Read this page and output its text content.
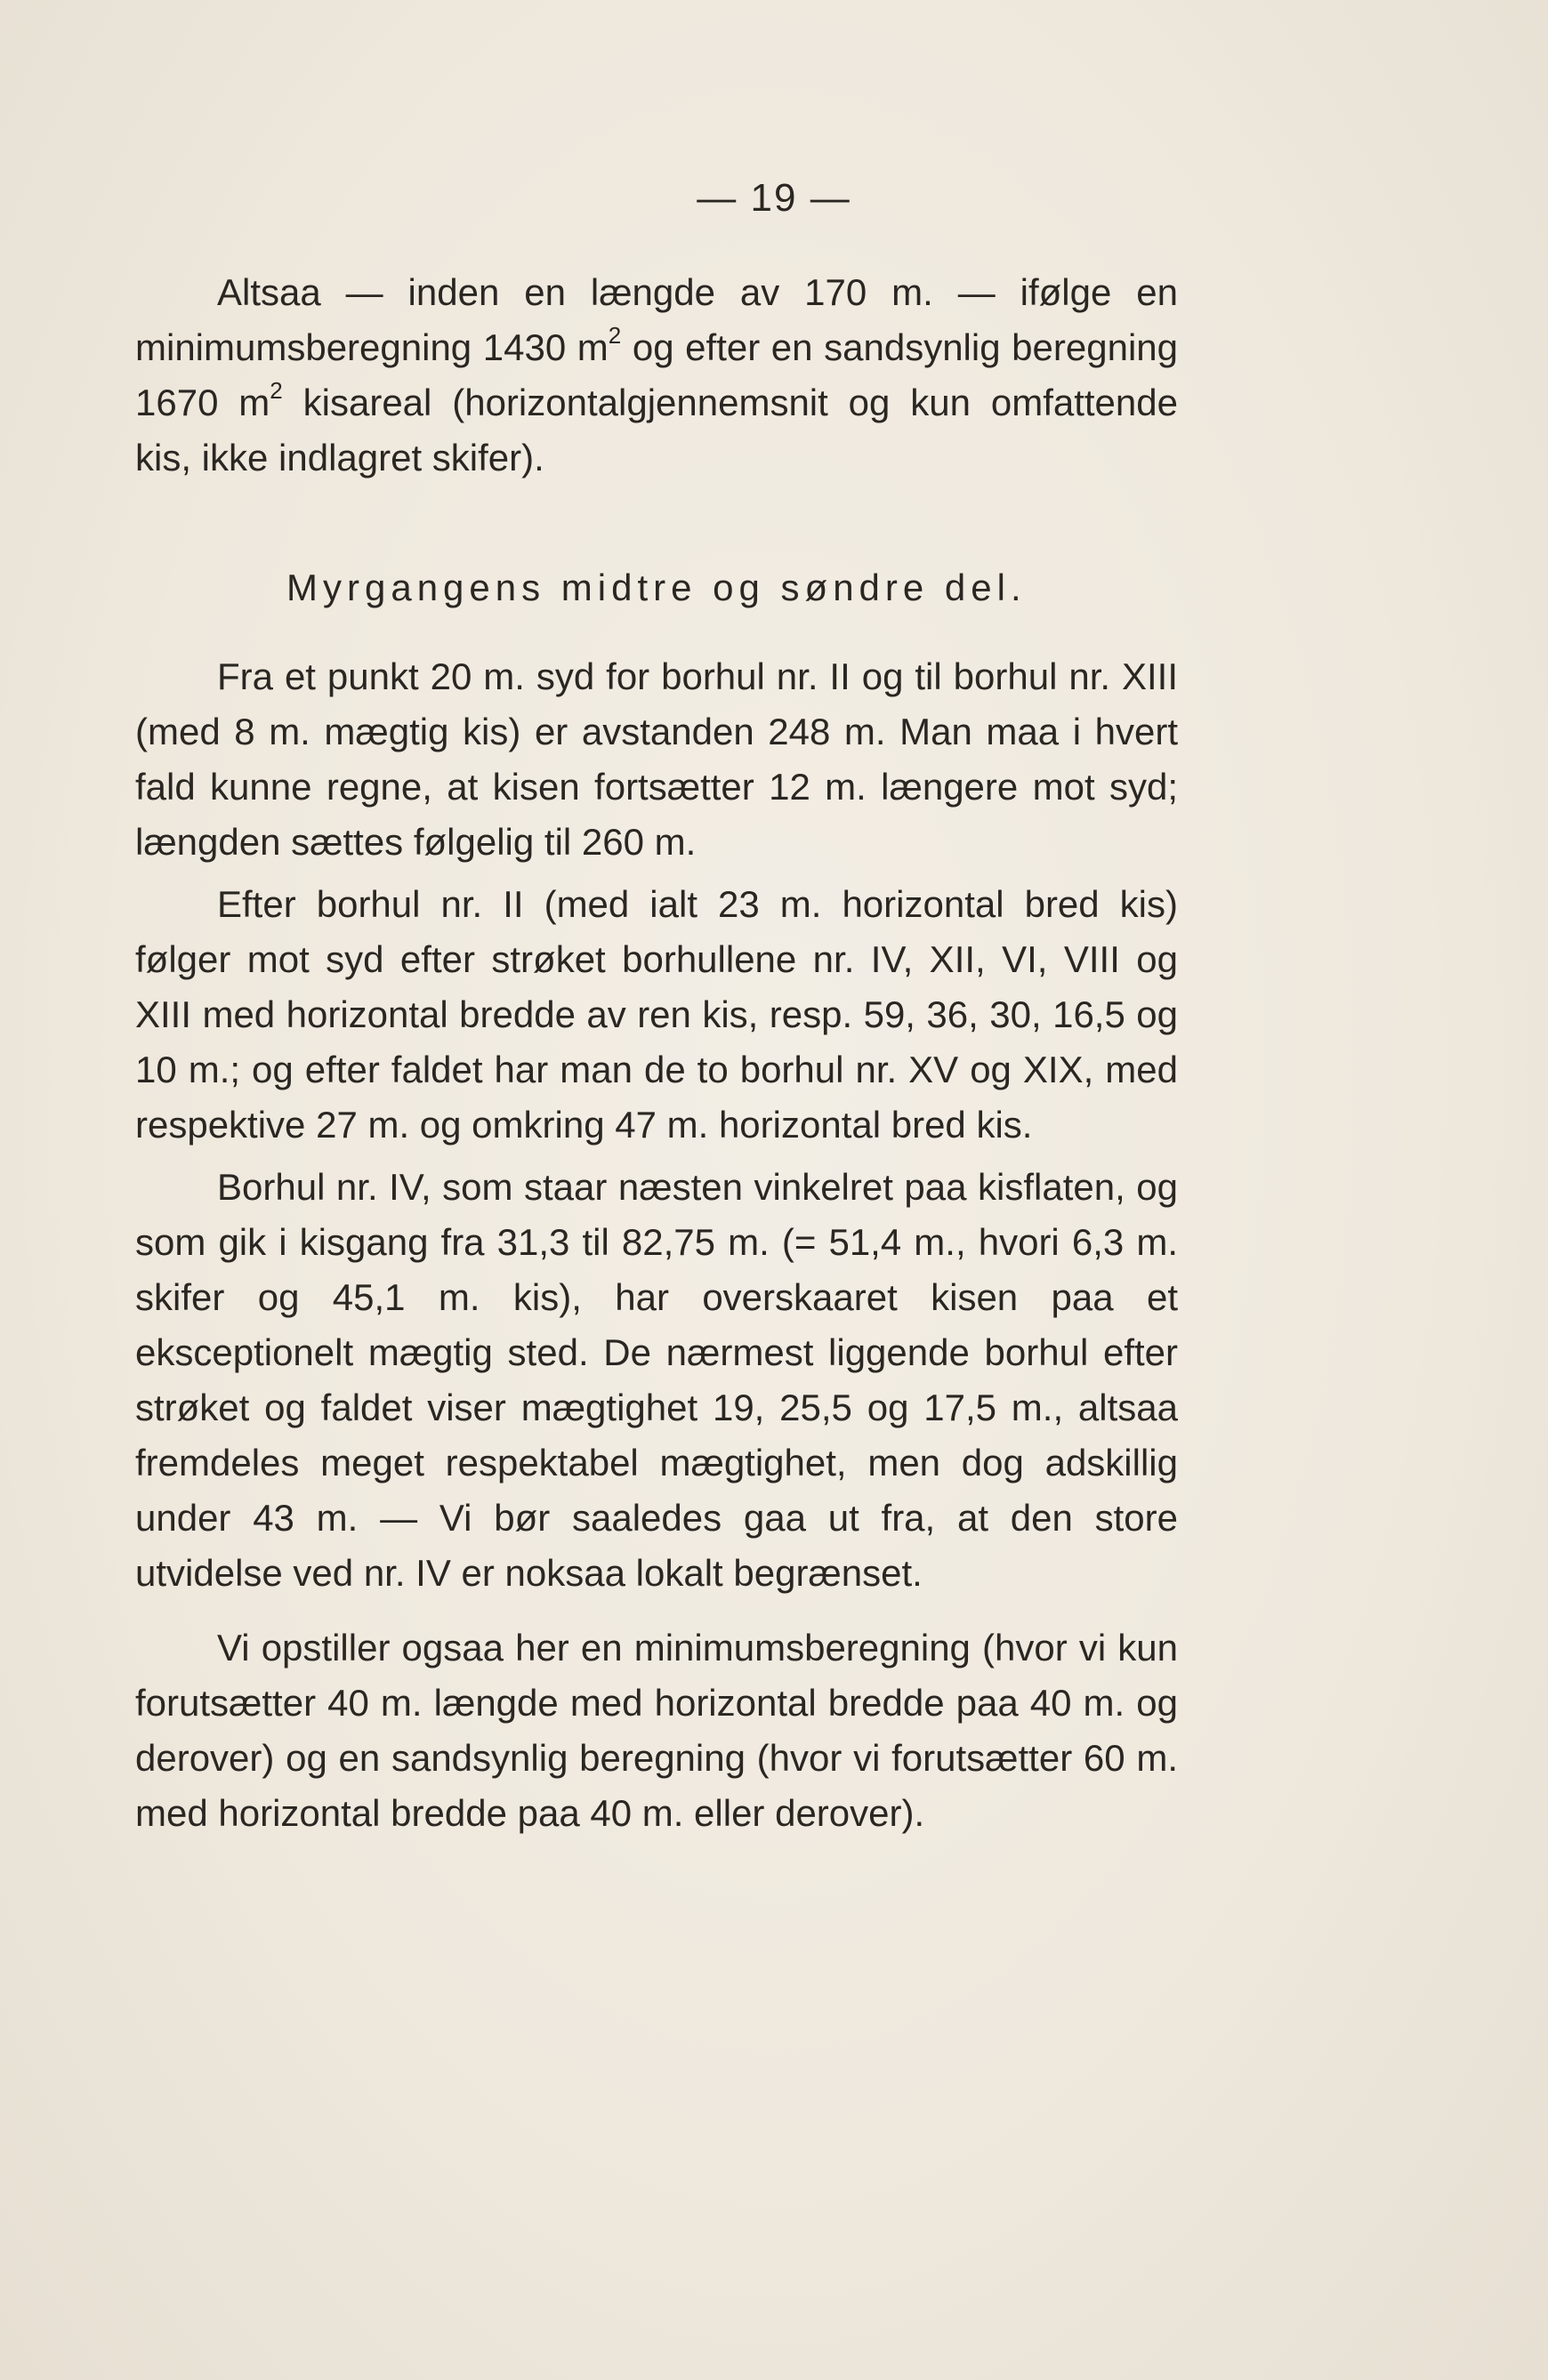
— 19 —

Altsaa — inden en længde av 170 m. — ifølge en minimumsberegning 1430 $m^2$ og efter en sandsynlig beregning 1670 $m^2$ kisareal (horizontalgjennemsnit og kun omfattende kis, ikke indlagret skifer).

Myrgangens midtre og søndre del.

Fra et punkt 20 m. syd for borhul nr. II og til borhul nr. XIII (med 8 m. mægtig kis) er avstanden 248 m. Man maa i hvert fald kunne regne, at kisen fortsætter 12 m. længere mot syd; længden sættes følgelig til 260 m.

Efter borhul nr. II (med ialt 23 m. horizontal bred kis) følger mot syd efter strøket borhullene nr. IV, XII, VI, VIII og XIII med horizontal bredde av ren kis, resp. 59, 36, 30, 16,5 og 10 m.; og efter faldet har man de to borhul nr. XV og XIX, med respektive 27 m. og omkring 47 m. horizontal bred kis.

Borhul nr. IV, som staar næsten vinkelret paa kisflaten, og som gik i kisgang fra 31,3 til 82,75 m. (= 51,4 m., hvori 6,3 m. skifer og 45,1 m. kis), har overskaaret kisen paa et eksceptionelt mægtig sted. De nærmest liggende borhul efter strøket og faldet viser mægtighet 19, 25,5 og 17,5 m., altsaa fremdeles meget respektabel mægtighet, men dog adskillig under 43 m. — Vi bør saaledes gaa ut fra, at den store utvidelse ved nr. IV er noksaa lokalt begrænset.

Vi opstiller ogsaa her en minimumsberegning (hvor vi kun forutsætter 40 m. længde med horizontal bredde paa 40 m. og derover) og en sandsynlig beregning (hvor vi forutsætter 60 m. med horizontal bredde paa 40 m. eller derover).
